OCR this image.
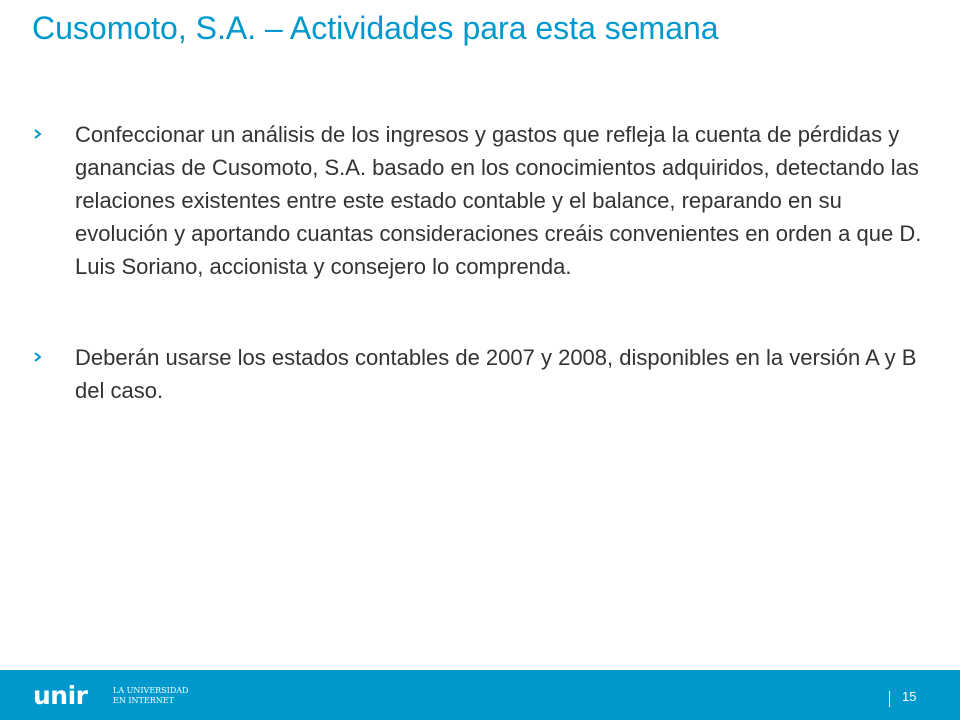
Cusomoto, S.A. – Actividades para esta semana
Confeccionar un análisis de los ingresos y gastos que refleja la cuenta de pérdidas y ganancias de Cusomoto, S.A. basado en los conocimientos adquiridos, detectando las relaciones existentes entre este estado contable y el balance, reparando en su evolución y aportando cuantas consideraciones creáis convenientes en orden a que D. Luis Soriano, accionista y consejero lo comprenda.
Deberán usarse los estados contables de 2007 y 2008, disponibles en la versión A y B del caso.
unir	LA UNIVERSIDAD
EN INTERNET	15
